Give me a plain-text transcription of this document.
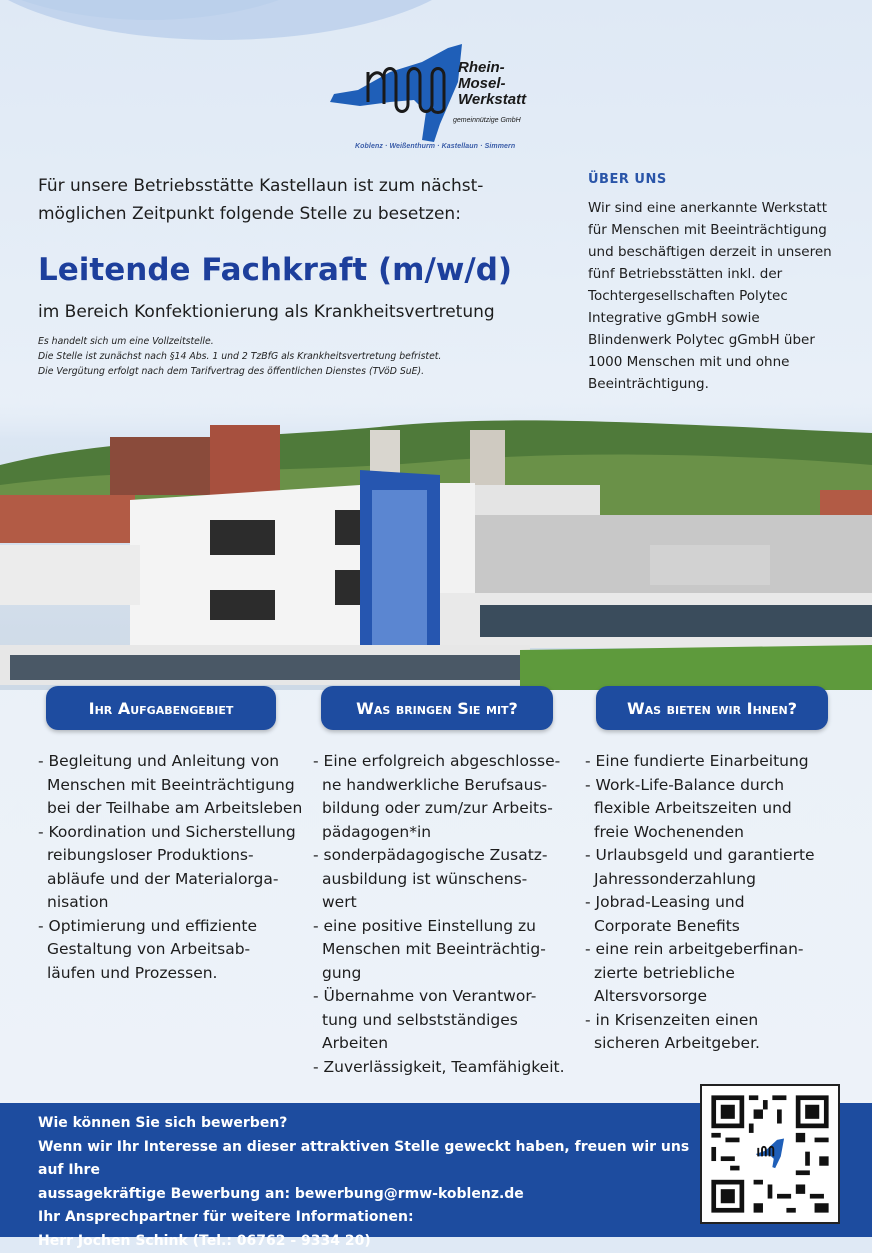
Rhein-
Mosel-
Werkstatt
gemeinnützige GmbH
Koblenz · Weißenthurm · Kastellaun · Simmern

Für unsere Betriebsstätte Kastellaun ist zum nächst-
möglichen Zeitpunkt folgende Stelle zu besetzen:

Leitende Fachkraft (m/w/d)

im Bereich Konfektionierung als Krankheitsvertretung

Es handelt sich um eine Vollzeitstelle.
Die Stelle ist zunächst nach §14 Abs. 1 und 2 TzBfG als Krankheitsvertretung befristet.
Die Vergütung erfolgt nach dem Tarifvertrag des öffentlichen Dienstes (TVöD SuE).
ÜBER UNS

Wir sind eine anerkannte Werkstatt
für Menschen mit Beeinträchtigung
und beschäftigen derzeit in unseren
fünf Betriebsstätten inkl. der
Tochtergesellschaften Polytec
Integrative gGmbH sowie
Blindenwerk Polytec gGmbH über
1000 Menschen mit und ohne
Beeinträchtigung.

Ihr Aufgabengebiet	Was bringen Sie mit?	Was bieten wir Ihnen?
- Begleitung und Anleitung von
Menschen mit Beeinträchtigung
bei der Teilhabe am Arbeitsleben
- Koordination und Sicherstellung
reibungsloser Produktions-
abläufe und der Materialorga-
nisation
- Optimierung und effiziente
Gestaltung von Arbeitsab-
läufen und Prozessen.
- Eine erfolgreich abgeschlosse-
ne handwerkliche Berufsaus-
bildung oder zum/zur Arbeits-
pädagogen*in
- sonderpädagogische Zusatz-
ausbildung ist wünschens-
wert
- eine positive Einstellung zu
Menschen mit Beeinträchtig-
gung
- Übernahme von Verantwor-
tung und selbstständiges
Arbeiten
- Zuverlässigkeit, Teamfähigkeit.
- Eine fundierte Einarbeitung
- Work-Life-Balance durch
flexible Arbeitszeiten und
freie Wochenenden
- Urlaubsgeld und garantierte
Jahressonderzahlung
- Jobrad-Leasing und
Corporate Benefits
- eine rein arbeitgeberfinan-
zierte betriebliche
Altersvorsorge
- in Krisenzeiten einen
sicheren Arbeitgeber.
Wie können Sie sich bewerben?
Wenn wir Ihr Interesse an dieser attraktiven Stelle geweckt haben, freuen wir uns auf Ihre
aussagekräftige Bewerbung an: bewerbung@rmw-koblenz.de
Ihr Ansprechpartner für weitere Informationen:
Herr Jochen Schink (Tel.: 06762 - 9334 20)
